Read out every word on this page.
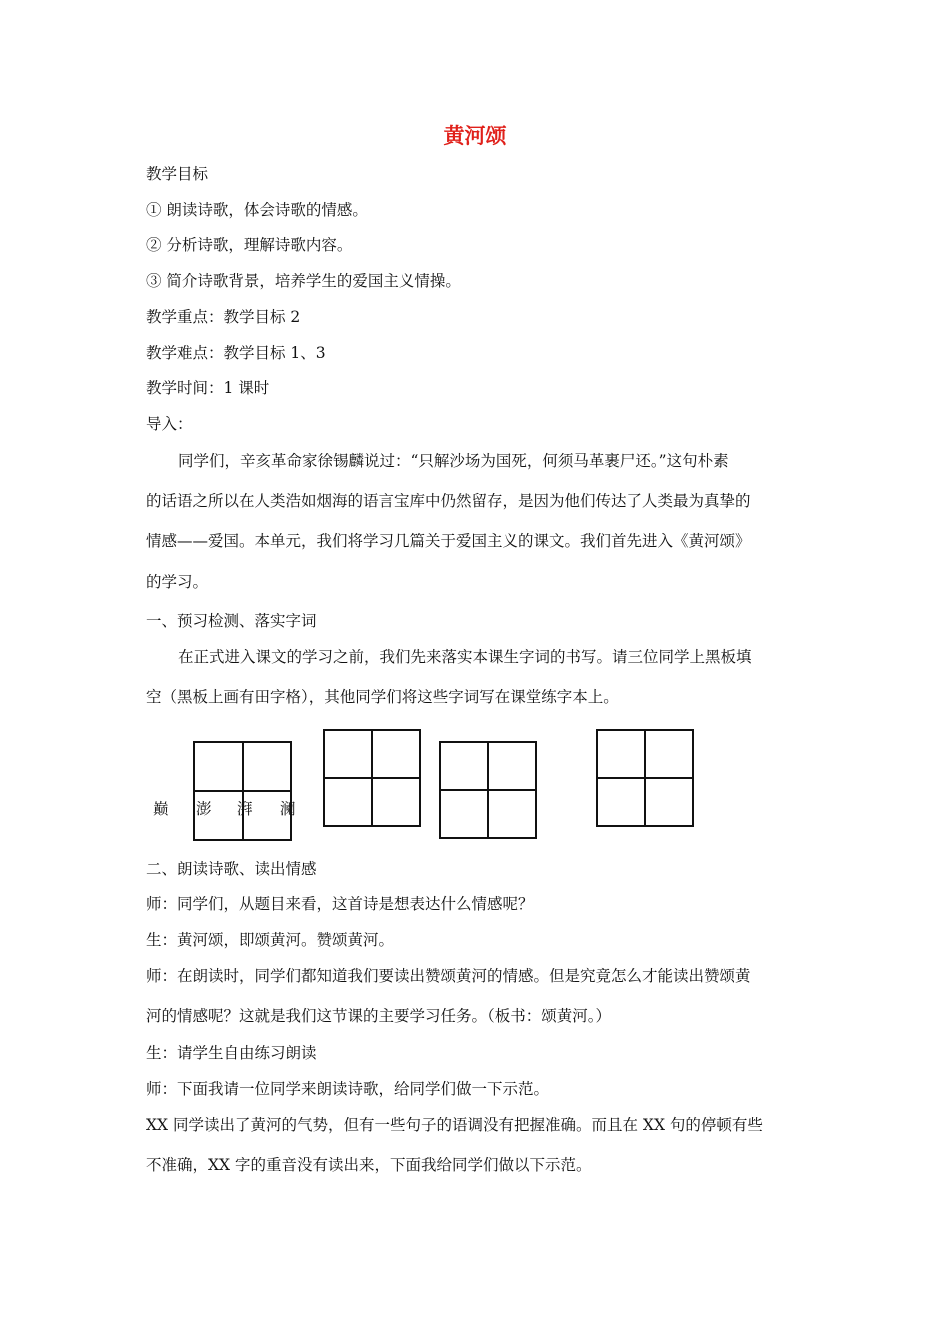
黄河颂
教学目标
① 朗读诗歌，体会诗歌的情感。
② 分析诗歌，理解诗歌内容。
③ 简介诗歌背景，培养学生的爱国主义情操。
教学重点：教学目标 2
教学难点：教学目标 1、3
教学时间：1 课时
导入：
同学们，辛亥革命家徐锡麟说过：“只解沙场为国死，何须马革裹尸还。”这句朴素
的话语之所以在人类浩如烟海的语言宝库中仍然留存，是因为他们传达了人类最为真挚的
情感——爱国。本单元，我们将学习几篇关于爱国主义的课文。我们首先进入《黄河颂》
的学习。
一、预习检测、落实字词
在正式进入课文的学习之前，我们先来落实本课生字词的书写。请三位同学上黑板填
空（黑板上画有田字格），其他同学们将这些字词写在课堂练字本上。
巅 澎 湃 澜
二、朗读诗歌、读出情感
师：同学们，从题目来看，这首诗是想表达什么情感呢？
生：黄河颂，即颂黄河。赞颂黄河。
师：在朗读时，同学们都知道我们要读出赞颂黄河的情感。但是究竟怎么才能读出赞颂黄
河的情感呢？这就是我们这节课的主要学习任务。（板书：颂黄河。）
生：请学生自由练习朗读
师：下面我请一位同学来朗读诗歌，给同学们做一下示范。
XX 同学读出了黄河的气势，但有一些句子的语调没有把握准确。而且在 XX 句的停顿有些
不准确，XX 字的重音没有读出来，下面我给同学们做以下示范。
